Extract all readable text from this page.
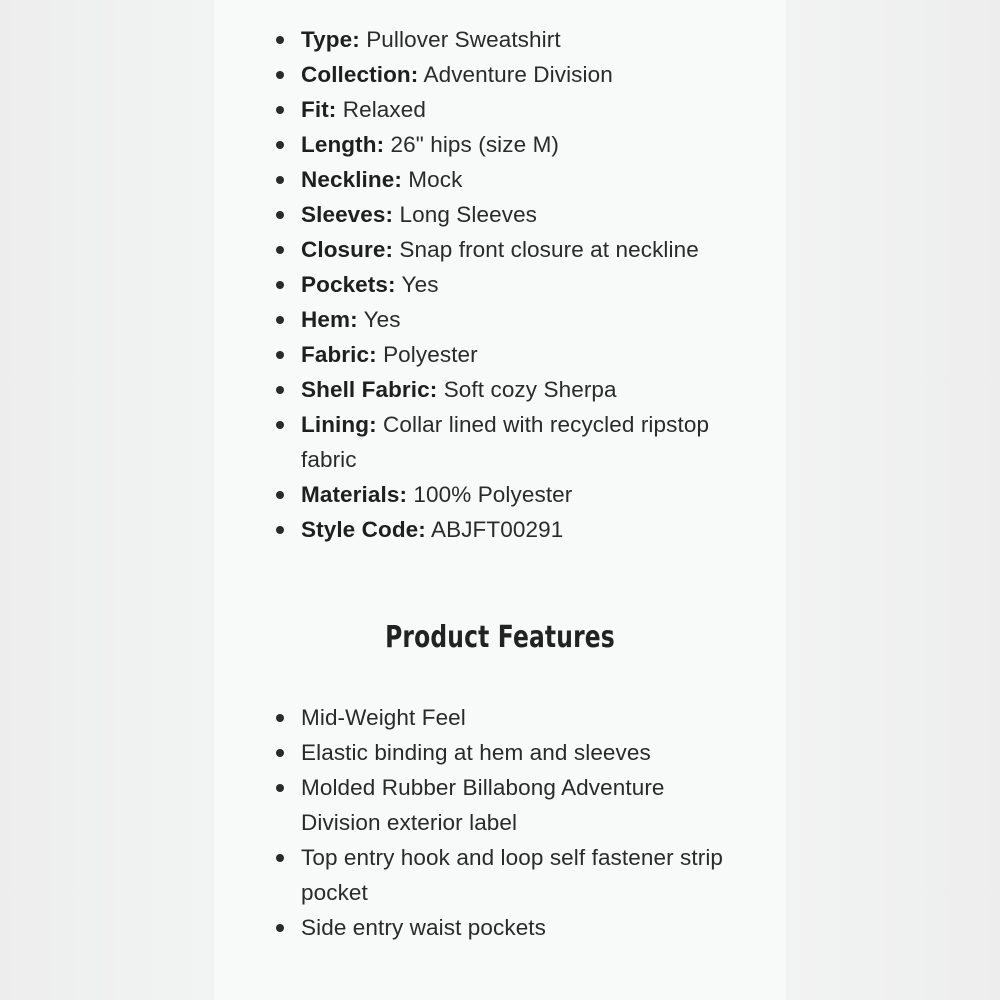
Type: Pullover Sweatshirt
Collection: Adventure Division
Fit: Relaxed
Length: 26" hips (size M)
Neckline: Mock
Sleeves: Long Sleeves
Closure: Snap front closure at neckline
Pockets: Yes
Hem: Yes
Fabric: Polyester
Shell Fabric: Soft cozy Sherpa
Lining: Collar lined with recycled ripstop fabric
Materials: 100% Polyester
Style Code: ABJFT00291
Product Features
Mid-Weight Feel
Elastic binding at hem and sleeves
Molded Rubber Billabong Adventure Division exterior label
Top entry hook and loop self fastener strip pocket
Side entry waist pockets
